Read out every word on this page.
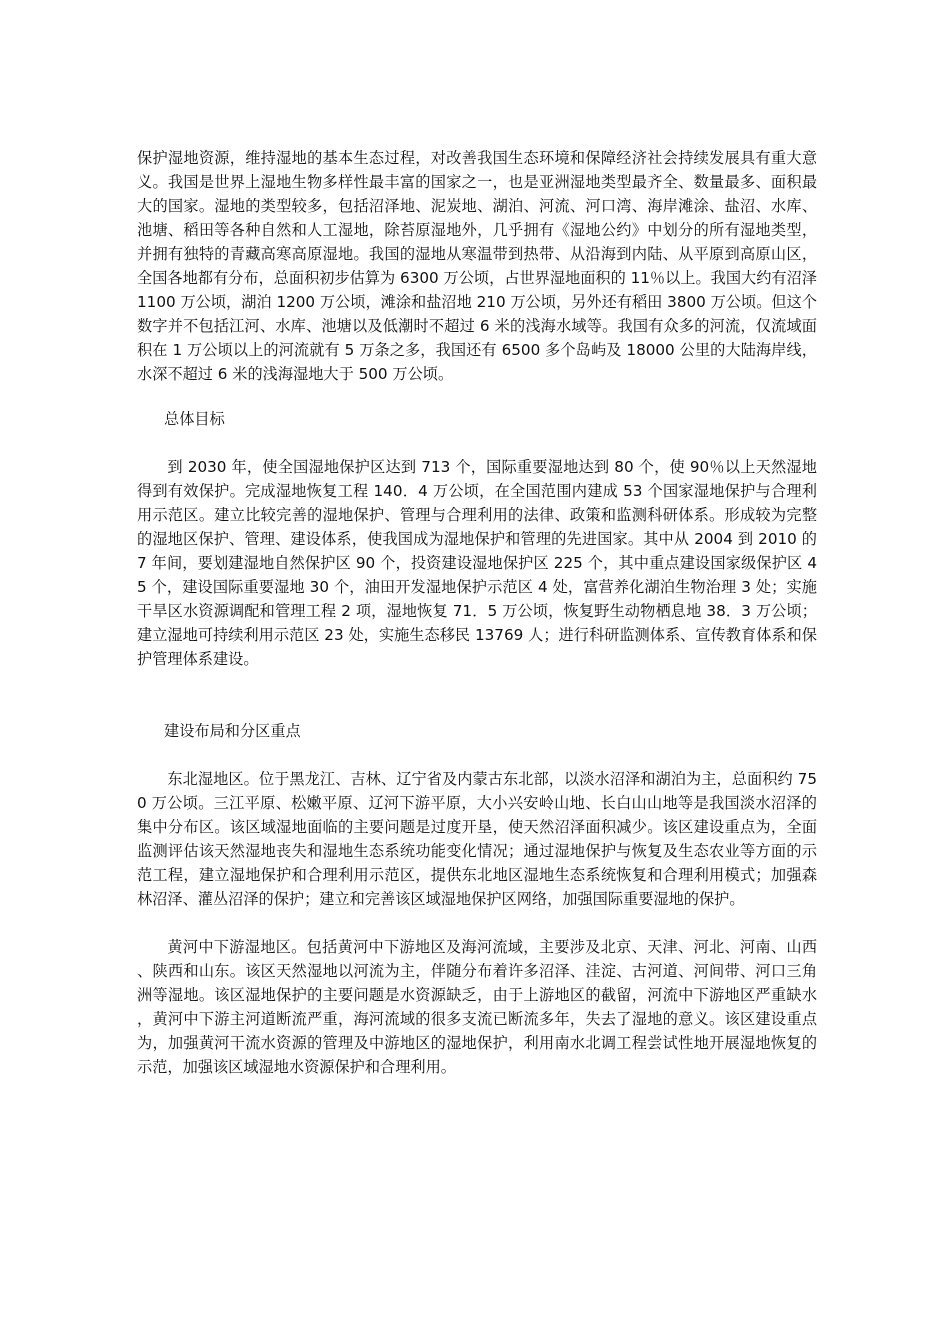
保护湿地资源，维持湿地的基本生态过程，对改善我国生态环境和保障经济社会持续发展具有重大意义。我国是世界上湿地生物多样性最丰富的国家之一，也是亚洲湿地类型最齐全、数量最多、面积最大的国家。湿地的类型较多，包括沼泽地、泥炭地、湖泊、河流、河口湾、海岸滩涂、盐沼、水库、池塘、稻田等各种自然和人工湿地，除苔原湿地外，几乎拥有《湿地公约》中划分的所有湿地类型，并拥有独特的青藏高寒高原湿地。我国的湿地从寒温带到热带、从沿海到内陆、从平原到高原山区，全国各地都有分布，总面积初步估算为 6300 万公顷，占世界湿地面积的 11％以上。我国大约有沼泽 1100 万公顷，湖泊 1200 万公顷，滩涂和盐沼地 210 万公顷，另外还有稻田 3800 万公顷。但这个数字并不包括江河、水库、池塘以及低潮时不超过 6 米的浅海水域等。我国有众多的河流，仅流域面积在 1 万公顷以上的河流就有 5 万条之多，我国还有 6500 多个岛屿及 18000 公里的大陆海岸线，水深不超过 6 米的浅海湿地大于 500 万公顷。

总体目标

到 2030 年，使全国湿地保护区达到 713 个，国际重要湿地达到 80 个，使 90％以上天然湿地得到有效保护。完成湿地恢复工程 140．4 万公顷，在全国范围内建成 53 个国家湿地保护与合理利用示范区。建立比较完善的湿地保护、管理与合理利用的法律、政策和监测科研体系。形成较为完整的湿地区保护、管理、建设体系，使我国成为湿地保护和管理的先进国家。其中从 2004 到 2010 的 7 年间，要划建湿地自然保护区 90 个，投资建设湿地保护区 225 个，其中重点建设国家级保护区 45 个，建设国际重要湿地 30 个，油田开发湿地保护示范区 4 处，富营养化湖泊生物治理 3 处；实施干旱区水资源调配和管理工程 2 项，湿地恢复 71．5 万公顷，恢复野生动物栖息地 38．3 万公顷；建立湿地可持续利用示范区 23 处，实施生态移民 13769 人；进行科研监测体系、宣传教育体系和保护管理体系建设。

建设布局和分区重点

东北湿地区。位于黑龙江、吉林、辽宁省及内蒙古东北部，以淡水沼泽和湖泊为主，总面积约 750 万公顷。三江平原、松嫩平原、辽河下游平原，大小兴安岭山地、长白山山地等是我国淡水沼泽的集中分布区。该区域湿地面临的主要问题是过度开垦，使天然沼泽面积减少。该区建设重点为，全面监测评估该天然湿地丧失和湿地生态系统功能变化情况；通过湿地保护与恢复及生态农业等方面的示范工程，建立湿地保护和合理利用示范区，提供东北地区湿地生态系统恢复和合理利用模式；加强森林沼泽、灌丛沼泽的保护；建立和完善该区域湿地保护区网络，加强国际重要湿地的保护。

黄河中下游湿地区。包括黄河中下游地区及海河流域，主要涉及北京、天津、河北、河南、山西、陕西和山东。该区天然湿地以河流为主，伴随分布着许多沼泽、洼淀、古河道、河间带、河口三角洲等湿地。该区湿地保护的主要问题是水资源缺乏，由于上游地区的截留，河流中下游地区严重缺水，黄河中下游主河道断流严重，海河流域的很多支流已断流多年，失去了湿地的意义。该区建设重点为，加强黄河干流水资源的管理及中游地区的湿地保护，利用南水北调工程尝试性地开展湿地恢复的示范，加强该区域湿地水资源保护和合理利用。
